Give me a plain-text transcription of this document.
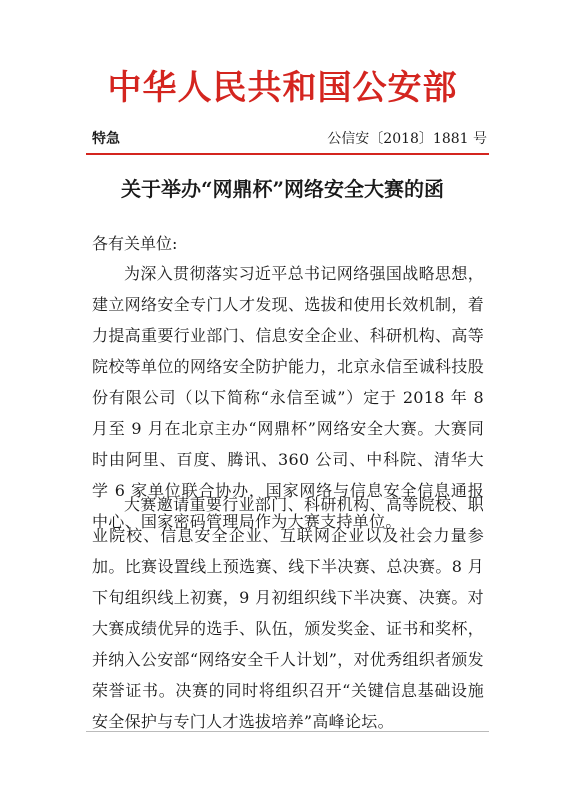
中华人民共和国公安部
特急	公信安〔2018〕1881 号
关于举办“网鼎杯”网络安全大赛的函
各有关单位:

为深入贯彻落实习近平总书记网络强国战略思想，建立网络安全专门人才发现、选拔和使用长效机制，着力提高重要行业部门、信息安全企业、科研机构、高等院校等单位的网络安全防护能力，北京永信至诚科技股份有限公司（以下简称“永信至诚”）定于 2018 年 8 月至 9 月在北京主办“网鼎杯”网络安全大赛。大赛同时由阿里、百度、腾讯、360 公司、中科院、清华大学 6 家单位联合协办，国家网络与信息安全信息通报中心、国家密码管理局作为大赛支持单位。

大赛邀请重要行业部门、科研机构、高等院校、职业院校、信息安全企业、互联网企业以及社会力量参加。比赛设置线上预选赛、线下半决赛、总决赛。8 月下旬组织线上初赛，9 月初组织线下半决赛、决赛。对大赛成绩优异的选手、队伍，颁发奖金、证书和奖杯，并纳入公安部“网络安全千人计划”，对优秀组织者颁发荣誉证书。决赛的同时将组织召开“关键信息基础设施安全保护与专门人才选拔培养”高峰论坛。
